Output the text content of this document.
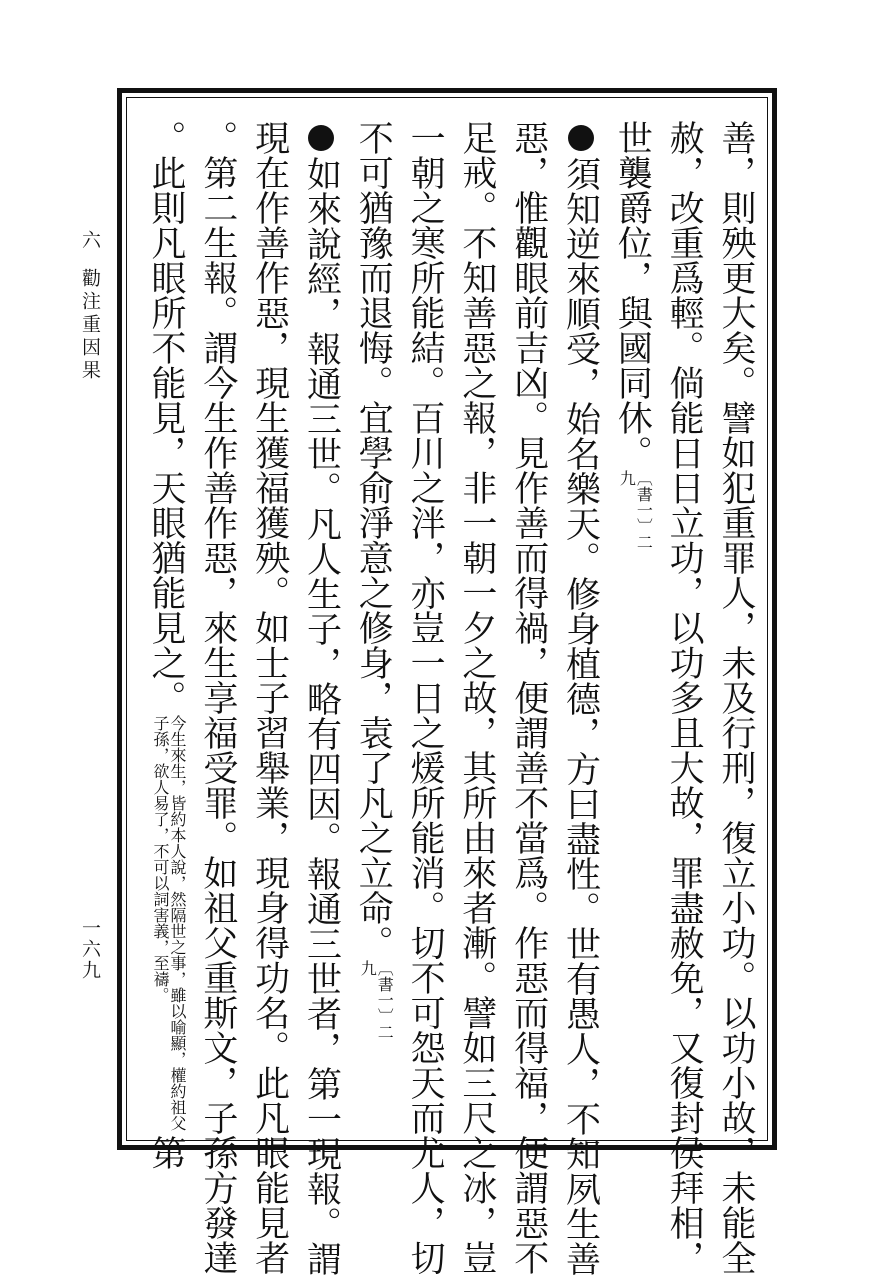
六
勸注重因果
一六九	善，則殃更大矣。譬如犯重罪人，未及行刑，復立小功。以功小故，未能全
赦，改重爲輕。倘能日日立功，以功多且大故，罪盡赦免，又復封侯拜相，
世襲爵位，與國同休。〔書一〕二九
須知逆來順受，始名樂天。修身植德，方曰盡性。世有愚人，不知夙生善
惡，惟觀眼前吉凶。見作善而得禍，便謂善不當爲。作惡而得福，便謂惡不
足戒。不知善惡之報，非一朝一夕之故，其所由來者漸。譬如三尺之冰，豈
一朝之寒所能結。百川之泮，亦豈一日之煖所能消。切不可怨天而尤人，切
不可猶豫而退悔。宜學俞淨意之修身，袁了凡之立命。〔書一〕二九
如來說經，報通三世。凡人生子，略有四因。報通三世者，第一現報。謂
現在作善作惡，現生獲福獲殃。如士子習舉業，現身得功名。此凡眼能見者
。第二生報。謂今生作善作惡，來生享福受罪。如祖父重斯文，子孫方發達
。此則凡眼所不能見，天眼猶能見之。今生來生，皆約本人說，然隔世之事，雖以喻顯，權約祖父子孫，欲人易了，不可以詞害義，至禱。第
